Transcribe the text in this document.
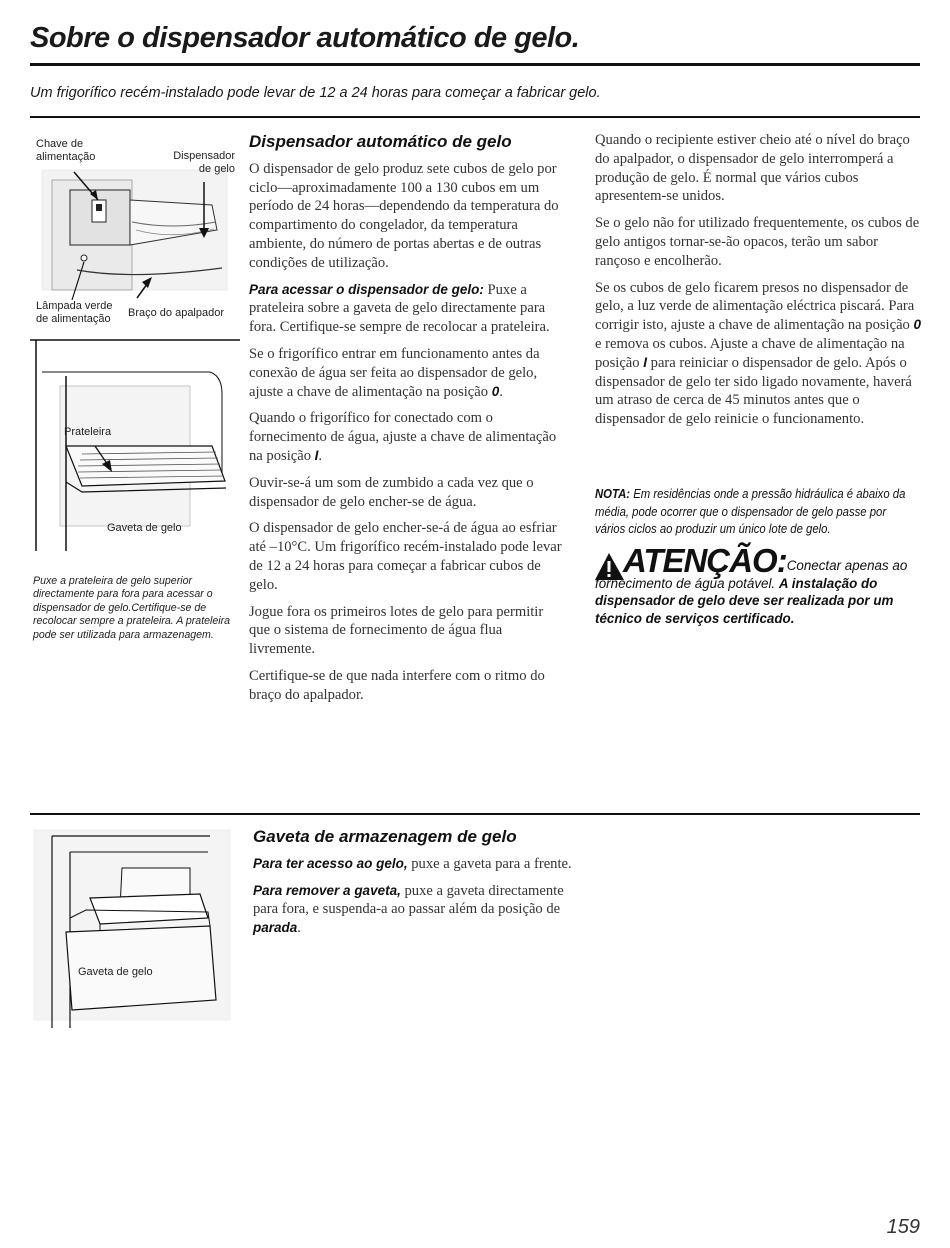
Sobre o dispensador automático de gelo.
Um frigorífico recém-instalado pode levar de 12 a 24 horas para começar a fabricar gelo.
Chave de alimentação	Dispensador de gelo
Lâmpada verde de alimentação	Braço do apalpador
Prateleira
Gaveta de gelo
Puxe a prateleira de gelo superior directamente para fora para acessar o dispensador de gelo.Certifique-se de recolocar sempre a prateleira. A prateleira pode ser utilizada para armazenagem.
Dispensador automático de gelo

O dispensador de gelo produz sete cubos de gelo por ciclo—aproximadamente 100 a 130 cubos em um período de 24 horas—dependendo da temperatura do compartimento do congelador, da temperatura ambiente, do número de portas abertas e de outras condições de utilização.

Para acessar o dispensador de gelo: Puxe a prateleira sobre a gaveta de gelo directamente para fora. Certifique-se sempre de recolocar a prateleira.

Se o frigorífico entrar em funcionamento antes da conexão de água ser feita ao dispensador de gelo, ajuste a chave de alimentação na posição 0.

Quando o frigorífico for conectado com o fornecimento de água, ajuste a chave de alimentação na posição I.

Ouvir-se-á um som de zumbido a cada vez que o dispensador de gelo encher-se de água.

O dispensador de gelo encher-se-á de água ao esfriar até –10°C. Um frigorífico recém-instalado pode levar de 12 a 24 horas para começar a fabricar cubos de gelo.

Jogue fora os primeiros lotes de gelo para permitir que o sistema de fornecimento de água flua livremente.

Certifique-se de que nada interfere com o ritmo do braço do apalpador.

Quando o recipiente estiver cheio até o nível do braço do apalpador, o dispensador de gelo interromperá a produção de gelo. É normal que vários cubos apresentem-se unidos.

Se o gelo não for utilizado frequentemente, os cubos de gelo antigos tornar-se-ão opacos, terão um sabor rançoso e encolherão.

Se os cubos de gelo ficarem presos no dispensador de gelo, a luz verde de alimentação eléctrica piscará. Para corrigir isto, ajuste a chave de alimentação na posição 0 e remova os cubos. Ajuste a chave de alimentação na posição I para reiniciar o dispensador de gelo. Após o dispensador de gelo ter sido ligado novamente, haverá um atraso de cerca de 45 minutos antes que o dispensador de gelo reinicie o funcionamento.

NOTA: Em residências onde a pressão hidráulica é abaixo da média, pode ocorrer que o dispensador de gelo passe por vários ciclos ao produzir um único lote de gelo.
ATENÇÃO:Conectar apenas ao fornecimento de água potável. A instalação do dispensador de gelo deve ser realizada por um técnico de serviços certificado.
Gaveta de gelo
Gaveta de armazenagem de gelo

Para ter acesso ao gelo, puxe a gaveta para a frente.

Para remover a gaveta, puxe a gaveta directamente para fora, e suspenda-a ao passar além da posição de parada.

159
